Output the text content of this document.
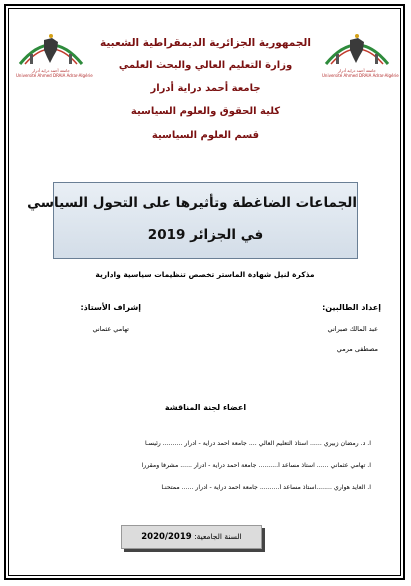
جامعة أحمد دراية أدرار
Université Ahmed DRAIA Adrar-Algérie
جامعة أحمد دراية أدرار
Université Ahmed DRAIA Adrar-Algérie
الجمهورية الجزائرية الديمقراطية الشعبية
وزارة التعليم العالي والبحث العلمي
جامعة أحمد دراية أدرار
كلية الحقوق والعلوم السياسية
قسم العلوم السياسية
الجماعات الضاغطة وتأثيرها على التحول السياسي
في الجزائر 2019
مذكرة لنيل شهادة الماستر تخصص تنظيمات سياسية وادارية
إعداد الطالبين:
إشراف الأستاذ:
عبد المالك صبراني
مصطفى مرمي
تهامي عثماني
اعضاء لجنة المناقشة
ا. د. رمضان زبيري ...... استاذ التعليم العالي .... جامعة أحمد دراية - أدرار .......... رئيسـاً
ا. تهامي عثماني ...... استاذ مساعد أ.......... جامعة أحمد دراية - أدرار ...... مشرفاً ومقرراً
ا. العايد هواري ........استاذ مساعد أ.......... جامعة أحمد دراية - أدرار ...... ممتحنـاً
السنة الجامعية: 2020/2019
